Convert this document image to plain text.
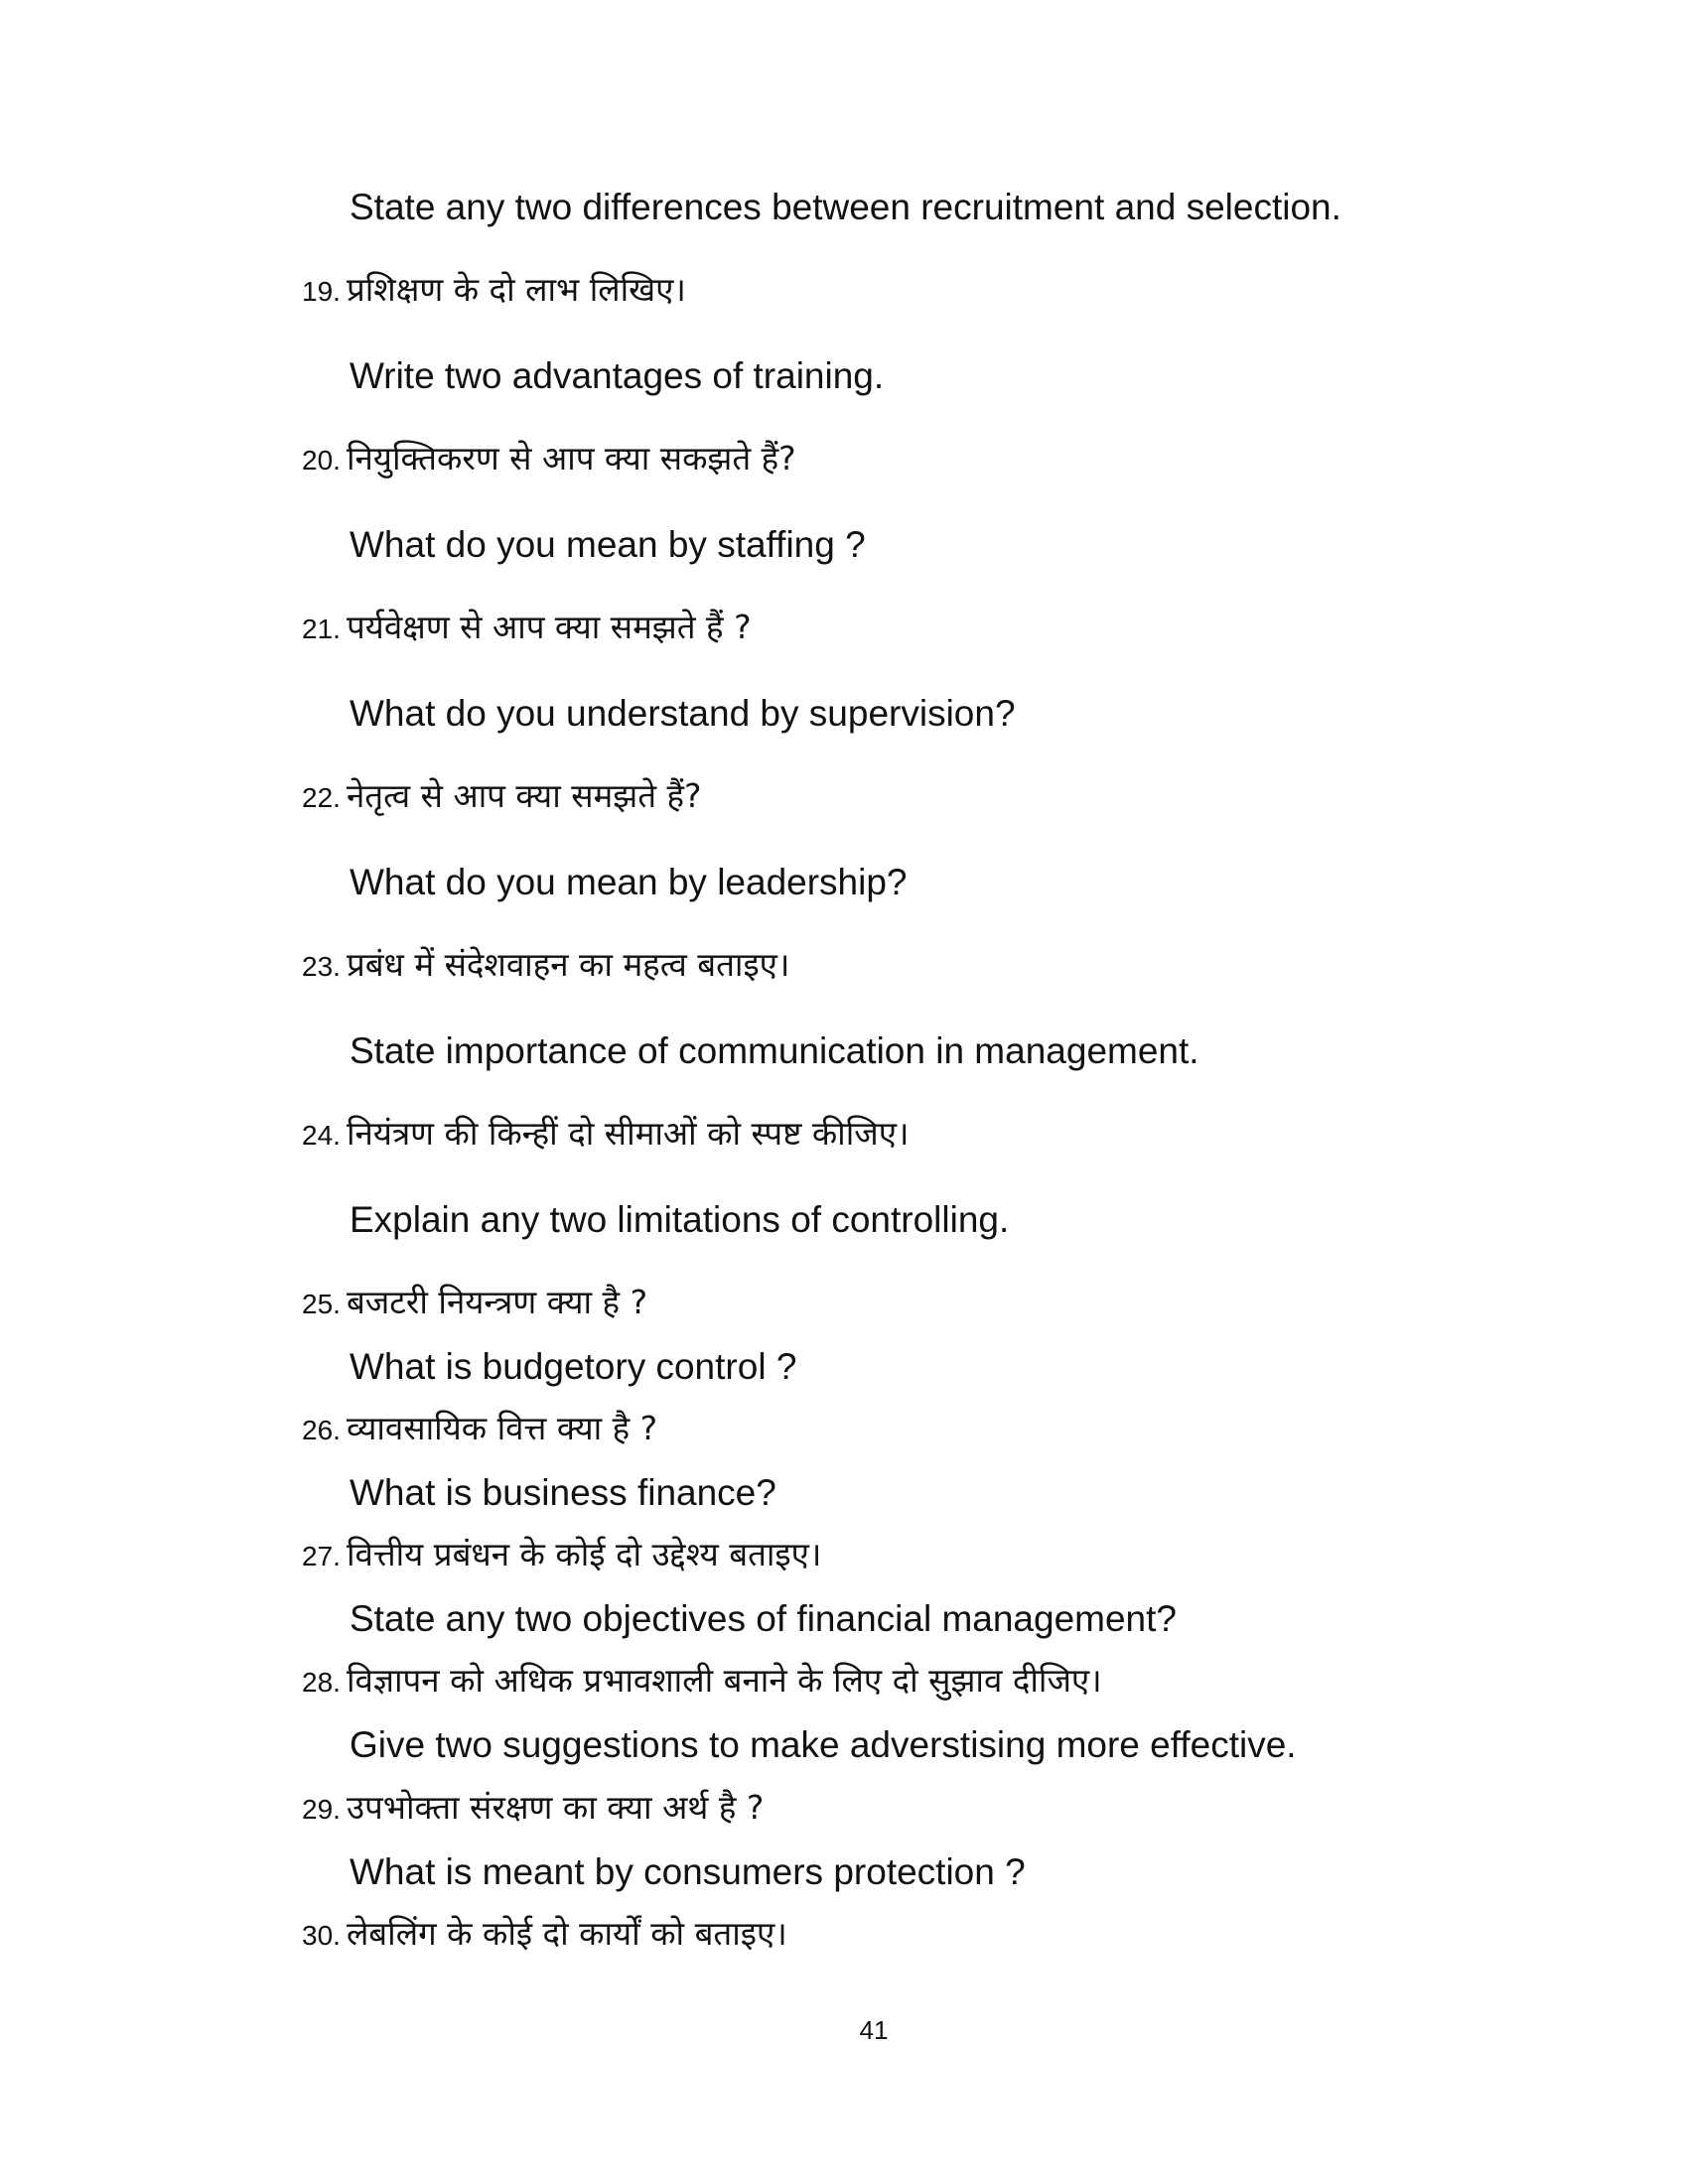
State any two differences between recruitment and selection.
19. प्रशिक्षण के दो लाभ लिखिए।
Write two advantages of training.
20. नियुक्तिकरण से आप क्या सकझते हैं?
What do you mean by staffing ?
21. पर्यवेक्षण से आप क्या समझते हैं ?
What do you understand by supervision?
22. नेतृत्व से आप क्या समझते हैं?
What do you mean by leadership?
23. प्रबंध में संदेशवाहन का महत्व बताइए।
State importance of communication in management.
24. नियंत्रण की किन्हीं दो सीमाओं को स्पष्ट कीजिए।
Explain any two limitations of controlling.
25. बजटरी नियन्त्रण क्या है ?
What is budgetory control ?
26. व्यावसायिक वित्त क्या है ?
What is business finance?
27. वित्तीय प्रबंधन के कोई दो उद्देश्य बताइए।
State any two objectives of financial management?
28. विज्ञापन को अधिक प्रभावशाली बनाने के लिए दो सुझाव दीजिए।
Give two suggestions to make adverstising more effective.
29. उपभोक्ता संरक्षण का क्या अर्थ है ?
What is meant by consumers protection ?
30. लेबलिंग के कोई दो कार्यों को बताइए।
41
